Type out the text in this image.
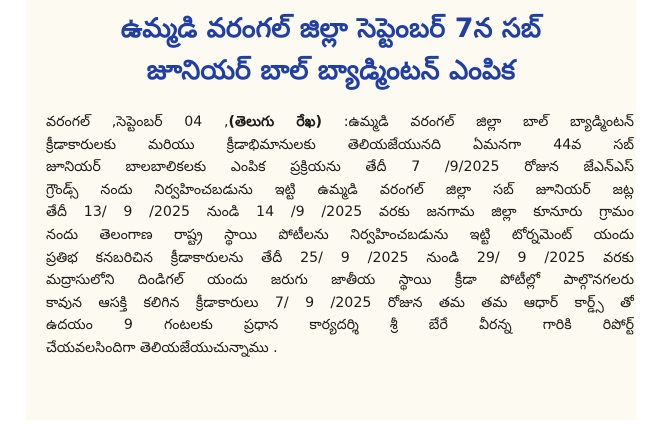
ఉమ్మడి వరంగల్ జిల్లా సెప్టెంబర్ 7న సబ్
జూనియర్ బాల్ బ్యాడ్మింటన్ ఎంపిక
వరంగల్ ,సెప్టెంబర్ 04 ,(తెలుగు రేఖ) :ఉమ్మడి వరంగల్ జిల్లా బాల్ బ్యాడ్మింటన్
క్రీడాకారులకు మరియు క్రీడాభిమానులకు తెలియజేయునది ఏమనగా 44వ సబ్
జూనియర్ బాలబాలికలకు ఎంపిక ప్రక్రియను తేదీ 7 /9/2025 రోజున జేఎన్ఎస్
గ్రౌండ్స్ నందు నిర్వహించబడును ఇట్టి ఉమ్మడి వరంగల్ జిల్లా సబ్ జూనియర్ జట్ల
తేదీ 13/ 9 /2025 నుండి 14 /9 /2025 వరకు జనగామ జిల్లా కూనూరు గ్రామం
నందు తెలంగాణ రాష్ట్ర స్థాయి పోటీలను నిర్వహించబడును ఇట్టి టోర్నమెంట్ యందు
ప్రతిభ కనబరిచిన క్రీడాకారులను తేదీ 25/ 9 /2025 నుండి 29/ 9 /2025 వరకు
మద్రాసులోని దిండిగల్ యందు జరుగు జాతీయ స్థాయి క్రీడా పోటీల్లో పాల్గొనగలరు
కావున ఆసక్తి కలిగిన క్రీడాకారులు 7/ 9 /2025 రోజున తమ తమ ఆధార్ కార్డ్స్ తో
ఉదయం 9 గంటలకు ప్రధాన కార్యదర్శి శ్రీ బేరే వీరన్న గారికి రిపోర్ట్
చేయవలసిందిగా తెలియజేయుచున్నాము .
